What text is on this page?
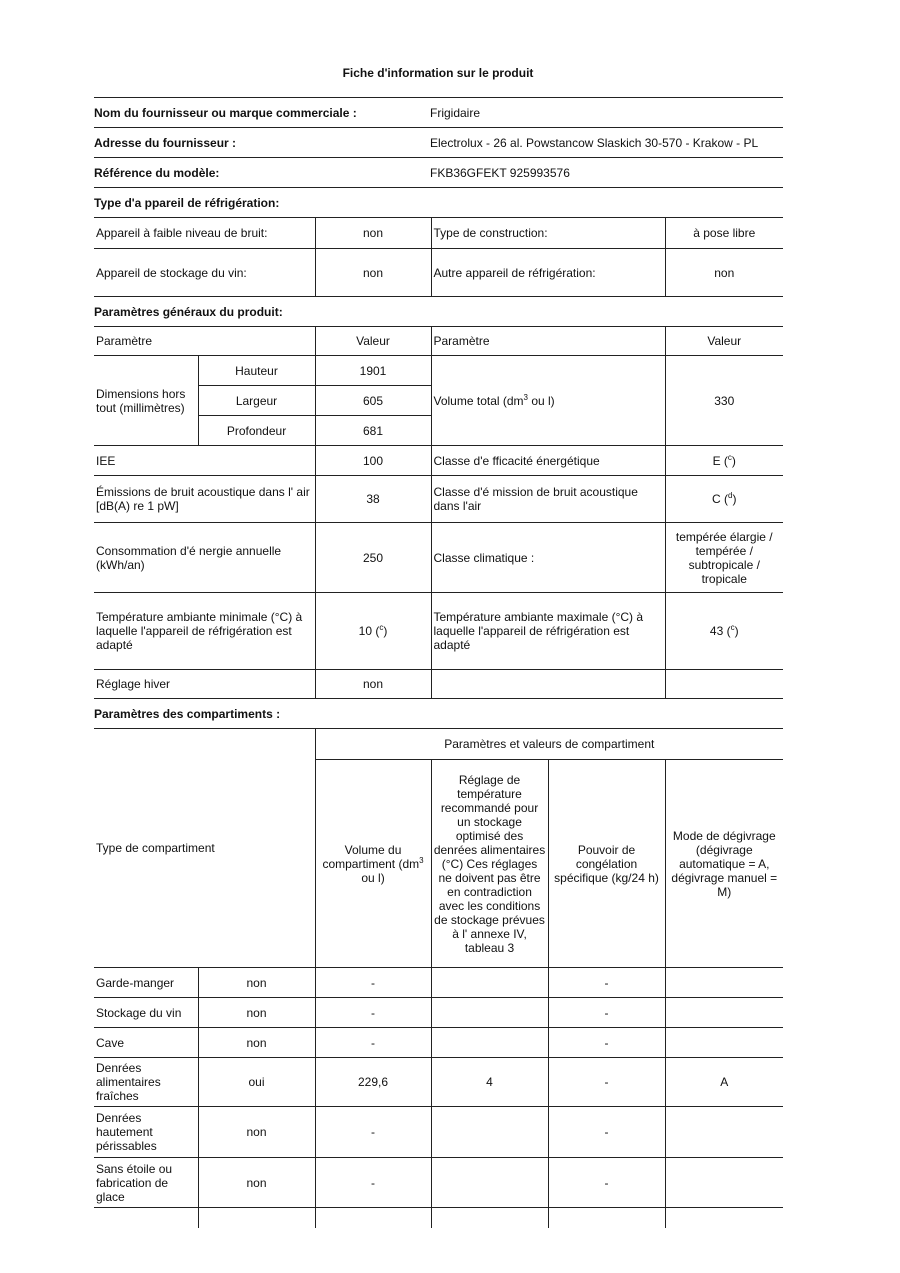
Fiche d'information sur le produit
Nom du fournisseur ou marque commerciale :	Frigidaire
Adresse du fournisseur :	Electrolux - 26 al. Powstancow Slaskich 30-570 - Krakow - PL
Référence du modèle:	FKB36GFEKT 925993576
Type d'a ppareil de réfrigération:
Appareil à faible niveau de bruit:	non	Type de construction:	à pose libre
Appareil de stockage du vin:	non	Autre appareil de réfrigération:	non
Paramètres généraux du produit:
Paramètre		Valeur	Paramètre	Valeur
Dimensions hors tout (millimètres)	Hauteur	1901	Volume total ($dm^3$ ou l)	330
	Largeur	605		
	Profondeur	681		
IEE		100	Classe d'e fficacité énergétique	E ($^c$)
Émissions de bruit acoustique dans l' air [dB(A) re 1 pW]		38	Classe d'é mission de bruit acoustique dans l'air	C ($^d$)
Consommation d'é nergie annuelle (kWh/an)		250	Classe climatique :	tempérée élargie / tempérée / subtropicale / tropicale
Température ambiante minimale (°C) à laquelle l'appareil de réfrigération est adapté		10 ($^c$)	Température ambiante maximale (°C) à laquelle l'appareil de réfrigération est adapté	43 ($^c$)
Réglage hiver		non		
Paramètres des compartiments :
Type de compartiment		Paramètres et valeurs de compartiment			
		Volume du compartiment ($dm^3$ ou l)	Réglage de température recommandé pour un stockage optimisé des denrées alimentaires (°C) Ces réglages ne doivent pas être en contradiction avec les conditions de stockage prévues à l' annexe IV, tableau 3	Pouvoir de congélation spécifique (kg/24 h)	Mode de dégivrage (dégivrage automatique = A, dégivrage manuel = M)
Garde-manger	non	-		-	
Stockage du vin	non	-		-	
Cave	non	-		-	
Denrées alimentaires fraîches	oui	229,6	4	-	A
Denrées hautement périssables	non	-		-	
Sans étoile ou fabrication de glace	non	-		-	
